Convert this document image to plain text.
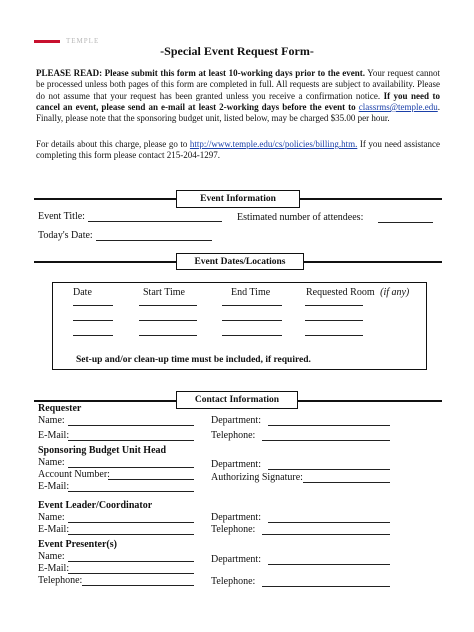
TEMPLE
-Special Event Request Form-
PLEASE READ: Please submit this form at least 10-working days prior to the event. Your request cannot be processed unless both pages of this form are completed in full. All requests are subject to availability. Please do not assume that your request has been granted unless you receive a confirmation notice. If you need to cancel an event, please send an e-mail at least 2-working days before the event to classrms@temple.edu. Finally, please note that the sponsoring budget unit, listed below, may be charged $35.00 per hour.
For details about this charge, please go to http://www.temple.edu/cs/policies/billing.htm. If you need assistance completing this form please contact 215-204-1297.
Event Information
Event Title:	Estimated number of attendees:
Today's Date:
Event Dates/Locations
Date	Start Time	End Time	Requested Room (if any)
Set-up and/or clean-up time must be included, if required.
Contact Information
Requester
Name:	Department:
E-Mail:	Telephone:
Sponsoring Budget Unit Head
Name:	Department:
Account Number:	Authorizing Signature:
E-Mail:
Event Leader/Coordinator
Name:	Department:
E-Mail:	Telephone:
Event Presenter(s)
Name:	Department:
E-Mail:
Telephone:	Telephone:
